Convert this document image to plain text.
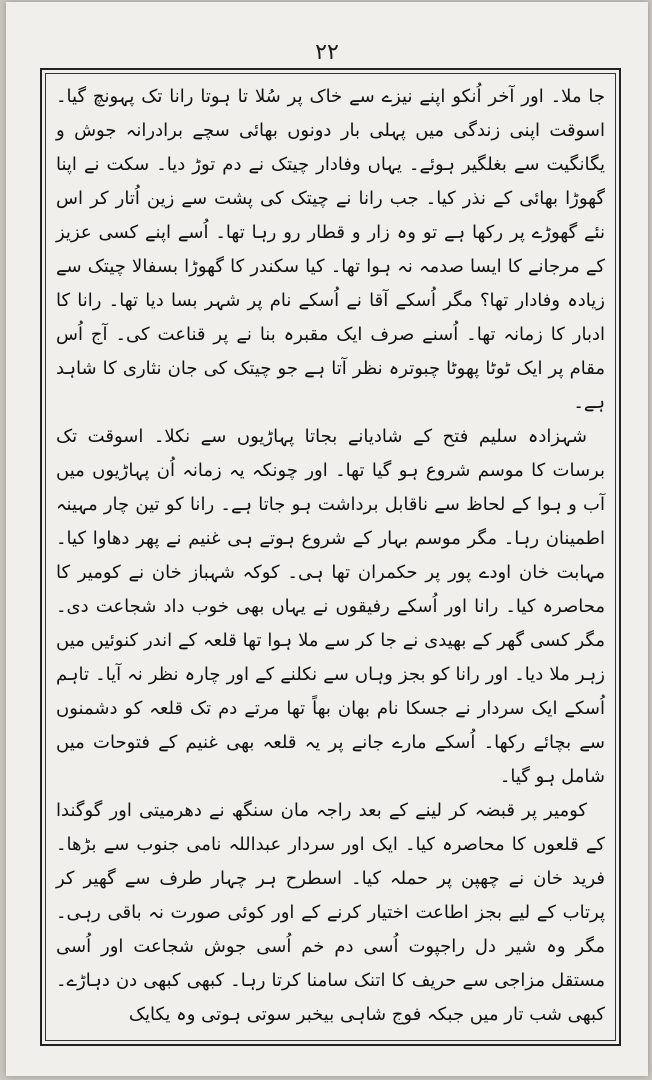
۲۲

جا ملا۔ اور آخر اُنکو اپنے نیزے سے خاک پر سُلا تا ہوتا رانا تک پہونچ گیا۔ اسوقت اپنی زندگی میں پہلی بار دونوں بھائی سچے برادرانہ جوش و یگانگیت سے بغلگیر ہوئے۔ یہاں وفادار چیتک نے دم توڑ دیا۔ سکت نے اپنا گھوڑا بھائی کے نذر کیا۔ جب رانا نے چیتک کی پشت سے زین اُتار کر اس نئے گھوڑے پر رکھا ہے تو وہ زار و قطار رو رہا تھا۔ اُسے اپنے کسی عزیز کے مرجانے کا ایسا صدمہ نہ ہوا تھا۔ کیا سکندر کا گھوڑا بسفالا چیتک سے زیادہ وفادار تھا؟ مگر اُسکے آقا نے اُسکے نام پر شہر بسا دیا تھا۔ رانا کا ادبار کا زمانہ تھا۔ اُسنے صرف ایک مقبرہ بنا نے پر قناعت کی۔ آج اُس مقام پر ایک ٹوٹا پھوٹا چبوترہ نظر آتا ہے جو چیتک کی جان نثاری کا شاہد ہے۔

شہزادہ سلیم فتح کے شادیانے بجاتا پہاڑیوں سے نکلا۔ اسوقت تک برسات کا موسم شروع ہو گیا تھا۔ اور چونکہ یہ زمانہ اُن پہاڑیوں میں آب و ہوا کے لحاظ سے ناقابل برداشت ہو جاتا ہے۔ رانا کو تین چار مہینہ اطمینان رہا۔ مگر موسم بہار کے شروع ہوتے ہی غنیم نے پھر دھاوا کیا۔ مہابت خان اودے پور پر حکمران تھا ہی۔ کوکہ شہباز خان نے کومیر کا محاصرہ کیا۔ رانا اور اُسکے رفیقوں نے یہاں بھی خوب داد شجاعت دی۔ مگر کسی گھر کے بھیدی نے جا کر سے ملا ہوا تھا قلعہ کے اندر کنوئیں میں زہر ملا دیا۔ اور رانا کو بجز وہاں سے نکلنے کے اور چارہ نظر نہ آیا۔ تاہم اُسکے ایک سردار نے جسکا نام بھان بھاً تھا مرتے دم تک قلعہ کو دشمنوں سے بچائے رکھا۔ اُسکے مارے جانے پر یہ قلعہ بھی غنیم کے فتوحات میں شامل ہو گیا۔

کومیر پر قبضہ کر لینے کے بعد راجہ مان سنگھ نے دھرمیتی اور گوگندا کے قلعوں کا محاصرہ کیا۔ ایک اور سردار عبداللہ نامی جنوب سے بڑھا۔ فرید خان نے چھپن پر حملہ کیا۔ اسطرح ہر چہار طرف سے گھیر کر پرتاب کے لیے بجز اطاعت اختیار کرنے کے اور کوئی صورت نہ باقی رہی۔ مگر وہ شیر دل راجپوت اُسی دم خم اُسی جوش شجاعت اور اُسی مستقل مزاجی سے حریف کا اتنک سامنا کرتا رہا۔ کبھی کبھی دن دہاڑے۔ کبھی شب تار میں جبکہ فوج شاہی بیخبر سوتی ہوتی وہ یکایک
